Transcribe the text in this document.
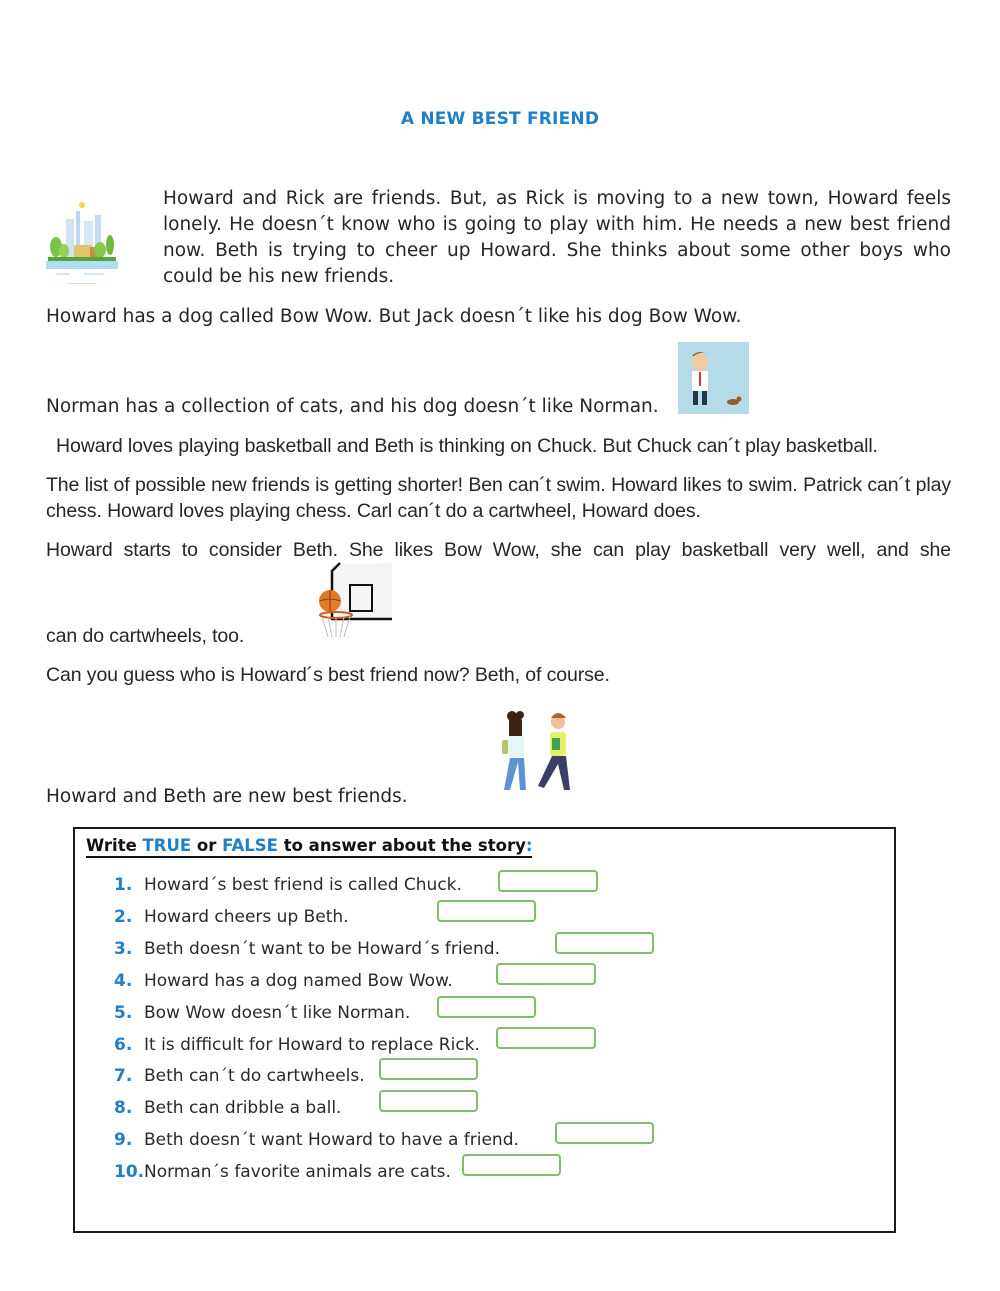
A NEW BEST FRIEND
Howard and Rick are friends. But, as Rick is moving to a new town, Howard feels lonely. He doesn´t know who is going to play with him. He needs a new best friend now. Beth is trying to cheer up Howard. She thinks about some other boys who could be his new friends.
Howard has a dog called Bow Wow. But Jack doesn´t like his dog Bow Wow.
Norman has a collection of cats, and his dog doesn´t like Norman.
Howard loves playing basketball and Beth is thinking on Chuck. But Chuck can´t play basketball.
The list of possible new friends is getting shorter! Ben can´t swim. Howard likes to swim. Patrick can´t play chess. Howard loves playing chess. Carl can´t do a cartwheel, Howard does.
Howard starts to consider Beth. She likes Bow Wow, she can play basketball very well, and she
can do cartwheels, too.
Can you guess who is Howard´s best friend now? Beth, of course.
Howard and Beth are new best friends.
Write TRUE or FALSE to answer about the story:
1. Howard´s best friend is called Chuck.
2. Howard cheers up Beth.
3. Beth doesn´t want to be Howard´s friend.
4. Howard has a dog named Bow Wow.
5. Bow Wow doesn´t like Norman.
6. It is difficult for Howard to replace Rick.
7. Beth can´t do cartwheels.
8. Beth can dribble a ball.
9. Beth doesn´t want Howard to have a friend.
10.Norman´s favorite animals are cats.
